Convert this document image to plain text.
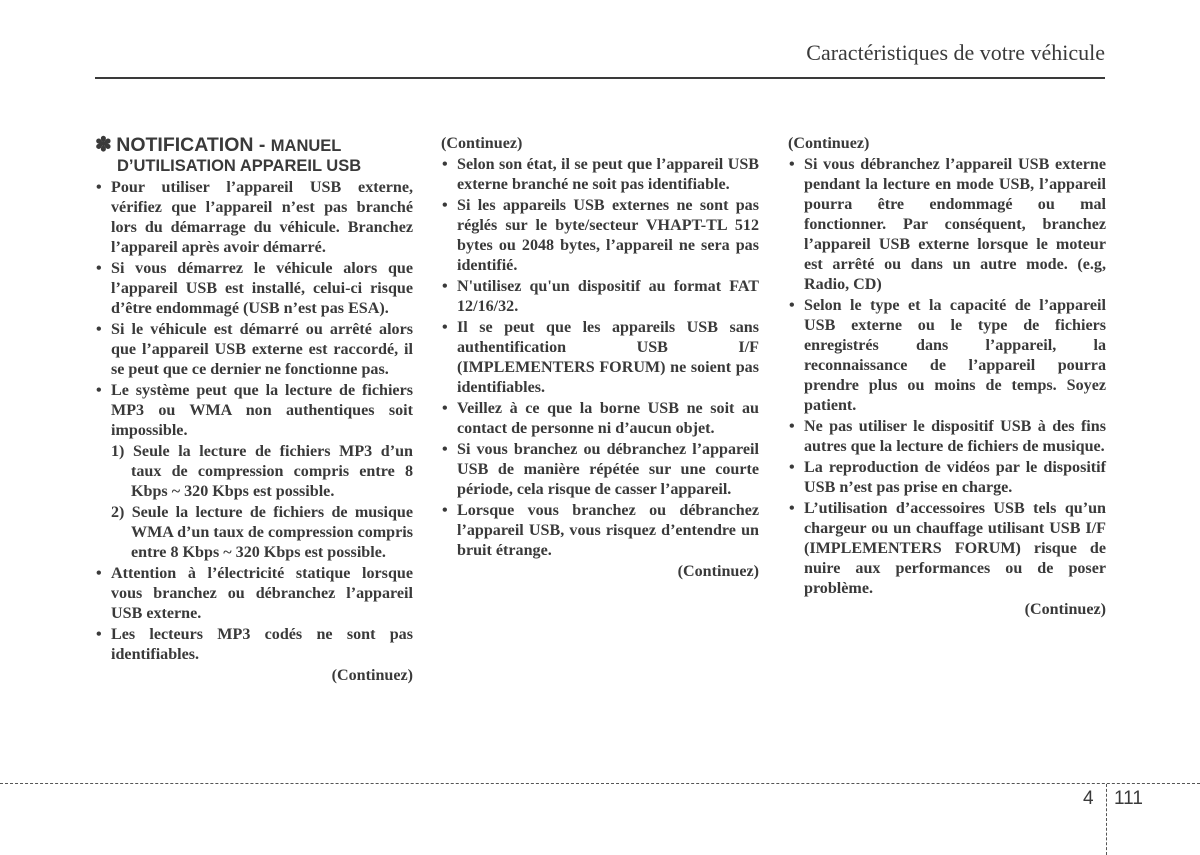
Caractéristiques de votre véhicule
✽ NOTIFICATION - MANUEL
D’UTILISATION APPAREIL USB
• Pour utiliser l’appareil USB externe, vérifiez que l’appareil n’est pas branché lors du démarrage du véhicule. Branchez l’appareil après avoir démarré.
• Si vous démarrez le véhicule alors que l’appareil USB est installé, celui-ci risque d’être endommagé (USB n’est pas ESA).
• Si le véhicule est démarré ou arrêté alors que l’appareil USB externe est raccordé, il se peut que ce dernier ne fonctionne pas.
• Le système peut que la lecture de fichiers MP3 ou WMA non authentiques soit impossible.
1) Seule la lecture de fichiers MP3 d’un taux de compression compris entre 8 Kbps ~ 320 Kbps est possible.
2) Seule la lecture de fichiers de musique WMA d’un taux de compression compris entre 8 Kbps ~ 320 Kbps est possible.
• Attention à l’électricité statique lorsque vous branchez ou débranchez l’appareil USB externe.
• Les lecteurs MP3 codés ne sont pas identifiables.
(Continuez)
(Continuez)
• Selon son état, il se peut que l’appareil USB externe branché ne soit pas identifiable.
• Si les appareils USB externes ne sont pas réglés sur le byte/secteur VHAPT-TL 512 bytes ou 2048 bytes, l’appareil ne sera pas identifié.
• N'utilisez qu'un dispositif au format FAT 12/16/32.
• Il se peut que les appareils USB sans authentification USB I/F (IMPLEMENTERS FORUM) ne soient pas identifiables.
• Veillez à ce que la borne USB ne soit au contact de personne ni d’aucun objet.
• Si vous branchez ou débranchez l’appareil USB de manière répétée sur une courte période, cela risque de casser l’appareil.
• Lorsque vous branchez ou débranchez l’appareil USB, vous risquez d’entendre un bruit étrange.
(Continuez)
(Continuez)
• Si vous débranchez l’appareil USB externe pendant la lecture en mode USB, l’appareil pourra être endommagé ou mal fonctionner. Par conséquent, branchez l’appareil USB externe lorsque le moteur est arrêté ou dans un autre mode. (e.g, Radio, CD)
• Selon le type et la capacité de l’appareil USB externe ou le type de fichiers enregistrés dans l’appareil, la reconnaissance de l’appareil pourra prendre plus ou moins de temps. Soyez patient.
• Ne pas utiliser le dispositif USB à des fins autres que la lecture de fichiers de musique.
• La reproduction de vidéos par le dispositif USB n’est pas prise en charge.
• L’utilisation d’accessoires USB tels qu’un chargeur ou un chauffage utilisant USB I/F (IMPLEMENTERS FORUM) risque de nuire aux performances ou de poser problème.
(Continuez)
4 111
